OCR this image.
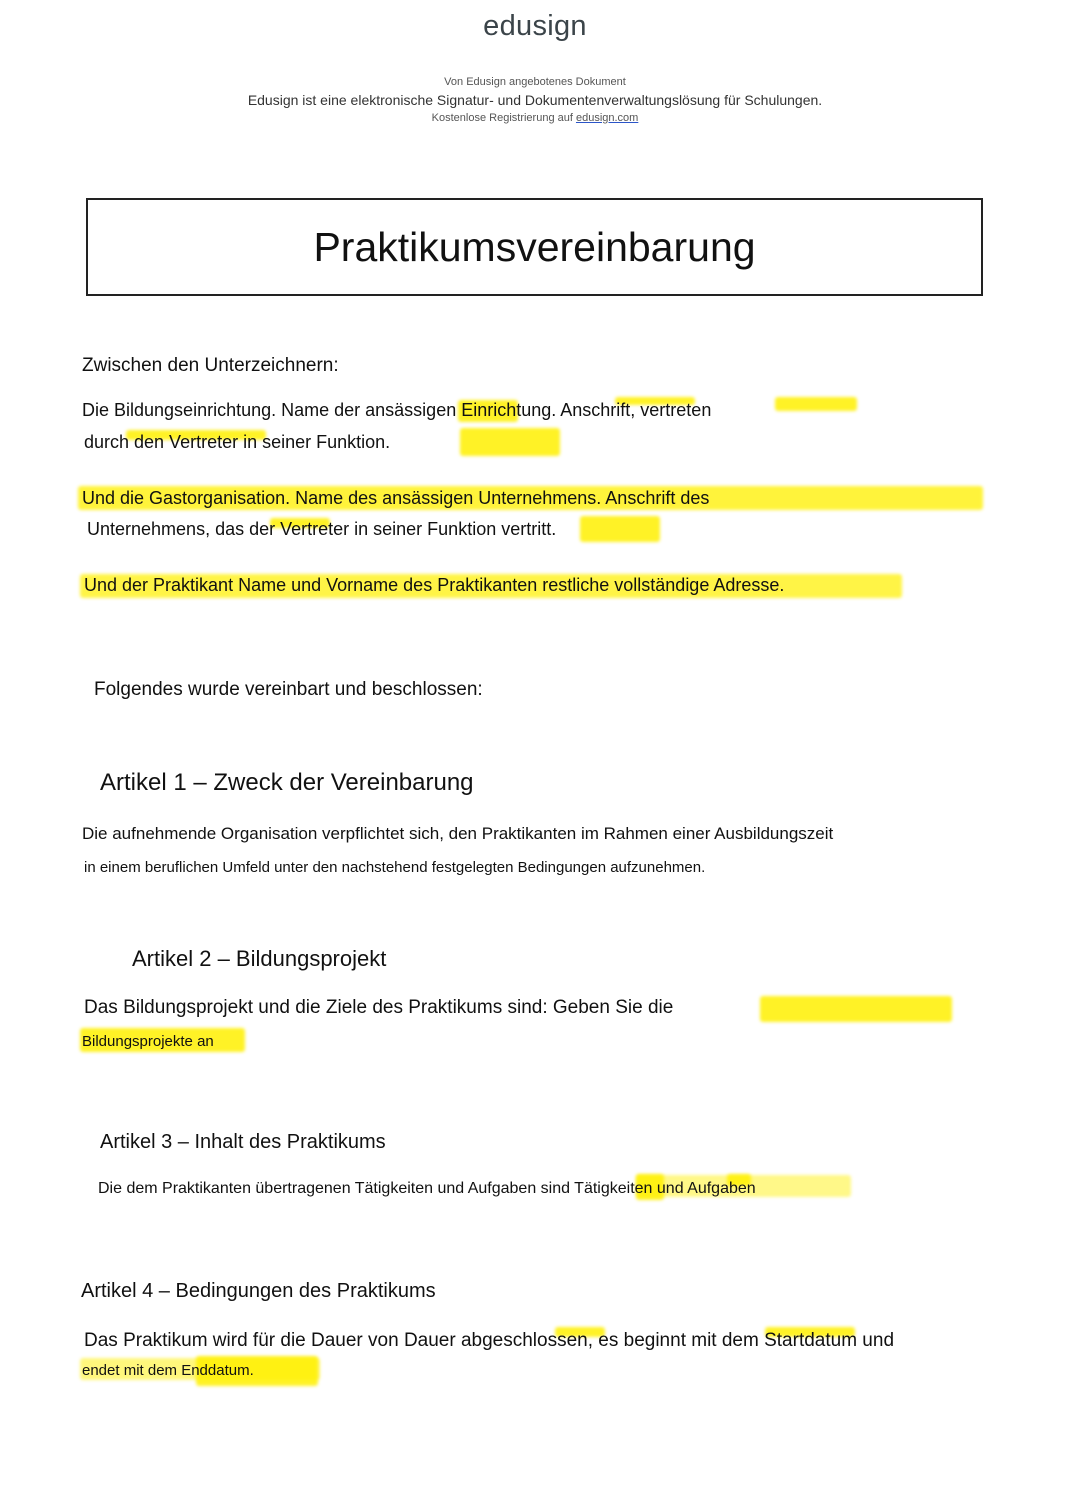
edusign
Von Edusign angebotenes Dokument
Edusign ist eine elektronische Signatur- und Dokumentenverwaltungslösung für Schulungen.
Kostenlose Registrierung auf edusign.com
Praktikumsvereinbarung
Zwischen den Unterzeichnern:
Die Bildungseinrichtung. Name der ansässigen Einrichtung. Anschrift, vertreten
durch den Vertreter in seiner Funktion.
Und die Gastorganisation. Name des ansässigen Unternehmens. Anschrift des
Unternehmens, das der Vertreter in seiner Funktion vertritt.
Und der Praktikant Name und Vorname des Praktikanten restliche vollständige Adresse.
Folgendes wurde vereinbart und beschlossen:
Artikel 1 – Zweck der Vereinbarung
Die aufnehmende Organisation verpflichtet sich, den Praktikanten im Rahmen einer Ausbildungszeit
in einem beruflichen Umfeld unter den nachstehend festgelegten Bedingungen aufzunehmen.
Artikel 2 – Bildungsprojekt
Das Bildungsprojekt und die Ziele des Praktikums sind: Geben Sie die
Bildungsprojekte an
Artikel 3 – Inhalt des Praktikums
Die dem Praktikanten übertragenen Tätigkeiten und Aufgaben sind Tätigkeiten und Aufgaben
Artikel 4 – Bedingungen des Praktikums
Das Praktikum wird für die Dauer von Dauer abgeschlossen, es beginnt mit dem Startdatum und
endet mit dem Enddatum.
